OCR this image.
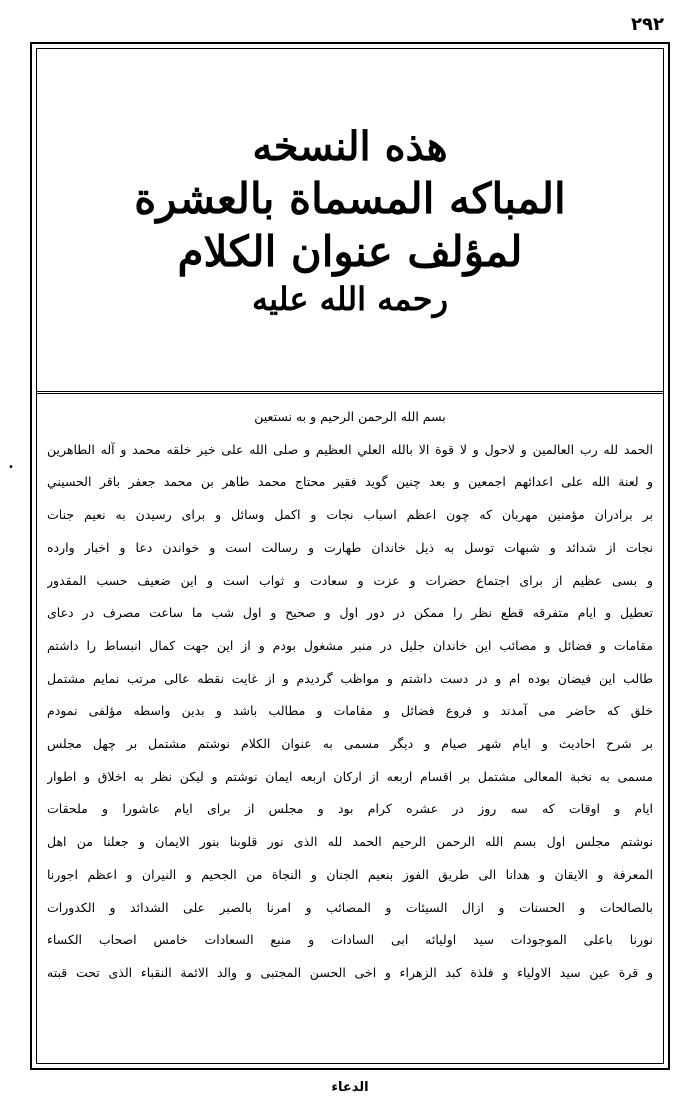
۲۹۲
هذه النسخه
المباكه المسماة بالعشرة
لمؤلف عنوان الكلام
رحمه الله عليه
بسم الله الرحمن الرحيم و به نستعين
الحمد لله رب العالمين و لاحول و لا قوة الا بالله العلي العظيم و صلى الله على خير خلقه محمد و آله الطاهرين
و لعنة الله على اعدائهم اجمعين و بعد چنين گويد فقير محتاج محمد طاهر بن محمد جعفر باقر الحسيني
بر برادران مؤمنين مهربان كه چون اعظم اسباب نجات و اكمل وسائل و برای رسيدن به نعيم جنات
نجات از شدائد و شبهات توسل به ذیل خاندان طهارت و رسالت است و خواندن دعا و اخبار وارده
و بسی عظیم از برای اجتماع حضرات و عزت و سعادت و ثواب است و این ضعیف حسب المقدور
تعطیل و ایام متفرقه قطع نظر را ممکن در دور اول و صحیح و اول شب ما ساعت مصرف در دعای
مقامات و فضائل و مصائب این خاندان جلیل در منبر مشغول بودم و از این جهت کمال انبساط را داشتم
طالب این فیضان بوده ام و در دست داشتم و مواظب گردیدم و از غایت نقطه عالی مرتب نمایم مشتمل
خلق که حاضر می آمدند و فروع فضائل و مقامات و مطالب باشد و بدین واسطه مؤلفی نمودم
بر شرح احادیث و ایام شهر صیام و دیگر مسمی به عنوان الکلام نوشتم مشتمل بر چهل مجلس
مسمی به نخبة المعالی مشتمل بر اقسام اربعه از ارکان اربعه ایمان نوشتم و لیکن نظر به اخلاق و اطوار
ایام و اوقات که سه روز در عشره کرام بود و مجلس از برای ایام عاشورا و ملحقات
نوشتم مجلس اول بسم الله الرحمن الرحیم الحمد لله الذی نور قلوبنا بنور الایمان و جعلنا من اهل
المعرفة و الایقان و هدانا الی طریق الفوز بنعیم الجنان و النجاة من الجحیم و النیران و اعظم اجورنا
بالصالحات و الحسنات و ازال السیئات و المصائب و امرنا بالصبر علی الشدائد و الکدورات
نورنا باعلی الموجودات سید اولیائه ابی السادات و منبع السعادات خامس اصحاب الکساء
و قرة عین سید الاولیاء و فلذة کبد الزهراء و اخی الحسن المجتبی و والد الائمة النقباء الذی تحت قبته
•
الدعاء
